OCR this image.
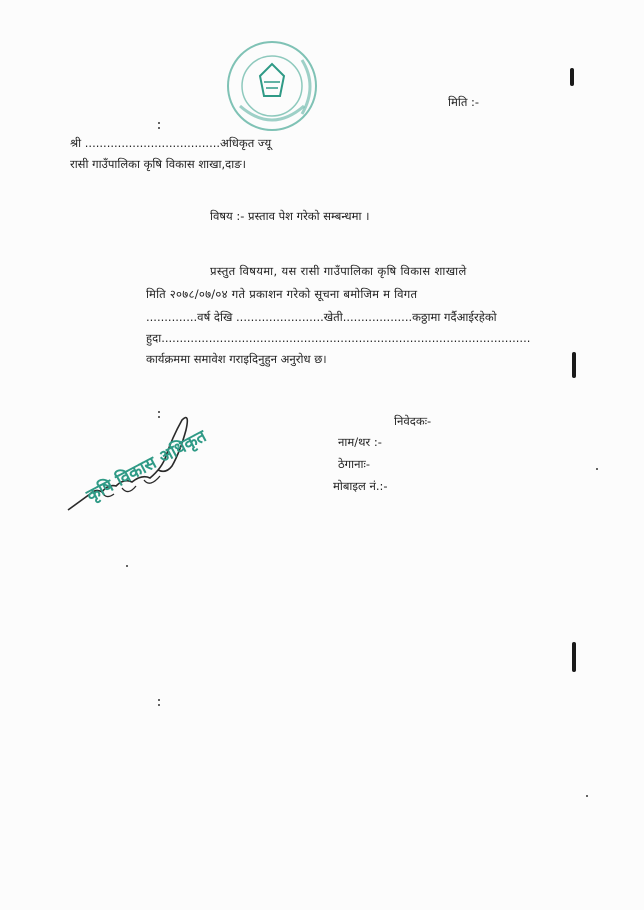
मिति :-
श्री .....................................अधिकृत ज्यू
रासी गाउँपालिका कृषि विकास शाखा,दाङ।
विषय :- प्रस्ताव पेश गरेको सम्बन्धमा ।
प्रस्तुत विषयमा, यस रासी गाउँपालिका कृषि विकास शाखाले
मिति २०७८/०७/०४ गते प्रकाशन गरेको सूचना बमोजिम म विगत
..............वर्ष देखि ........................खेती...................कठ्ठामा गर्दैआईरहेको
हुदा.....................................................................................................
कार्यक्रममा समावेश गराइदिनुहुन अनुरोध छ।
निवेदकः-
नाम/थर :-
ठेगानाः-
मोबाइल नं.:-
कृषि विकास अधिकृत
